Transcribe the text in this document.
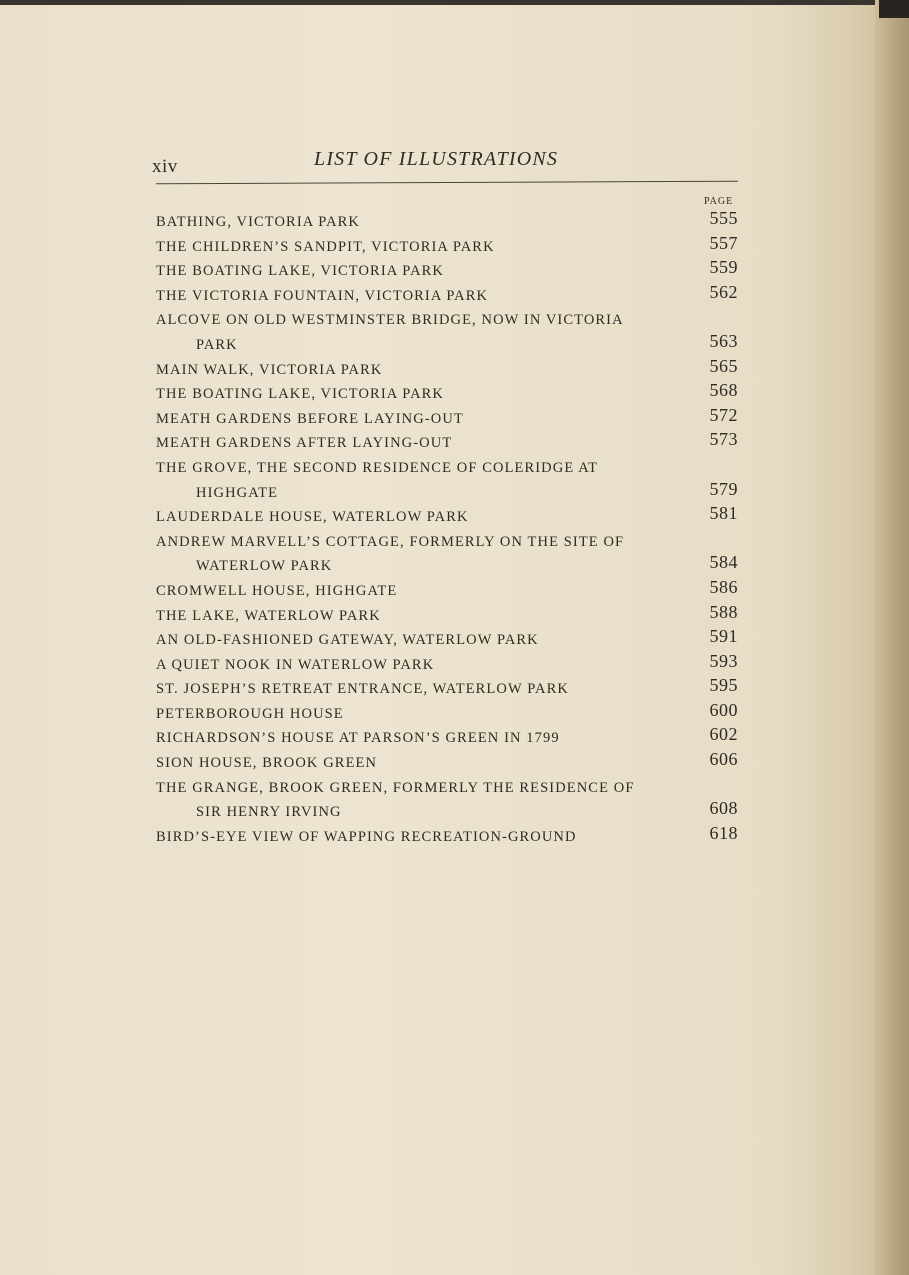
xiv	LIST OF ILLUSTRATIONS
PAGE
BATHING, VICTORIA PARK	555
THE CHILDREN’S SANDPIT, VICTORIA PARK	557
THE BOATING LAKE, VICTORIA PARK	559
THE VICTORIA FOUNTAIN, VICTORIA PARK	562
ALCOVE ON OLD WESTMINSTER BRIDGE, NOW IN VICTORIA
PARK	563
MAIN WALK, VICTORIA PARK	565
THE BOATING LAKE, VICTORIA PARK	568
MEATH GARDENS BEFORE LAYING-OUT	572
MEATH GARDENS AFTER LAYING-OUT	573
THE GROVE, THE SECOND RESIDENCE OF COLERIDGE AT
HIGHGATE	579
LAUDERDALE HOUSE, WATERLOW PARK	581
ANDREW MARVELL’S COTTAGE, FORMERLY ON THE SITE OF
WATERLOW PARK	584
CROMWELL HOUSE, HIGHGATE	586
THE LAKE, WATERLOW PARK	588
AN OLD-FASHIONED GATEWAY, WATERLOW PARK	591
A QUIET NOOK IN WATERLOW PARK	593
ST. JOSEPH’S RETREAT ENTRANCE, WATERLOW PARK	595
PETERBOROUGH HOUSE	600
RICHARDSON’S HOUSE AT PARSON’S GREEN IN 1799	602
SION HOUSE, BROOK GREEN	606
THE GRANGE, BROOK GREEN, FORMERLY THE RESIDENCE OF
SIR HENRY IRVING	608
BIRD’S-EYE VIEW OF WAPPING RECREATION-GROUND	618
